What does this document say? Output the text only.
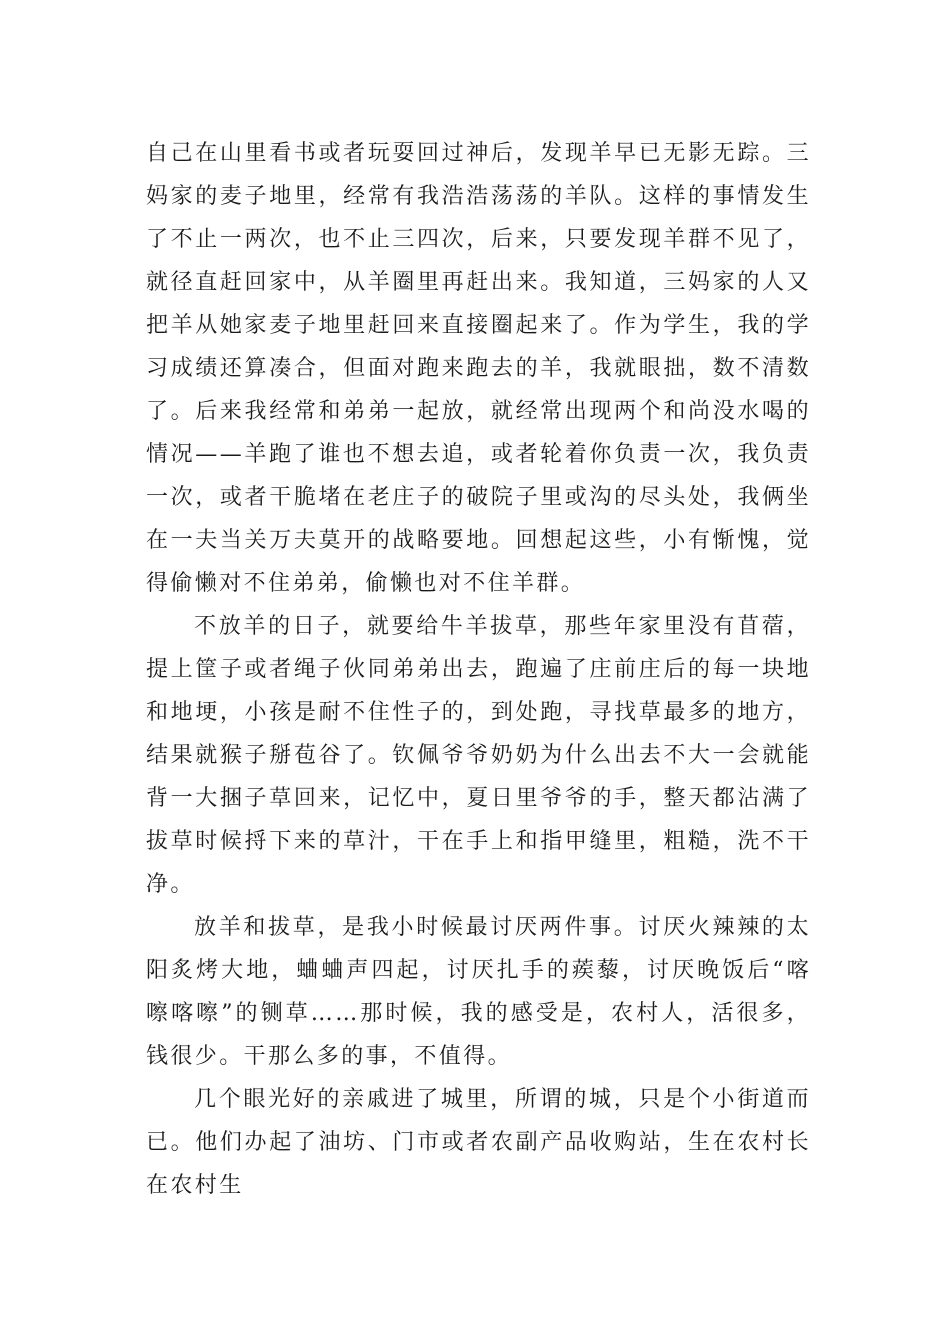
自己在山里看书或者玩耍回过神后，发现羊早已无影无踪。三妈家的麦子地里，经常有我浩浩荡荡的羊队。这样的事情发生了不止一两次，也不止三四次，后来，只要发现羊群不见了，就径直赶回家中，从羊圈里再赶出来。我知道，三妈家的人又把羊从她家麦子地里赶回来直接圈起来了。作为学生，我的学习成绩还算凑合，但面对跑来跑去的羊，我就眼拙，数不清数了。后来我经常和弟弟一起放，就经常出现两个和尚没水喝的情况——羊跑了谁也不想去追，或者轮着你负责一次，我负责一次，或者干脆堵在老庄子的破院子里或沟的尽头处，我俩坐在一夫当关万夫莫开的战略要地。回想起这些，小有惭愧，觉得偷懒对不住弟弟，偷懒也对不住羊群。

不放羊的日子，就要给牛羊拔草，那些年家里没有苜蓿，提上筐子或者绳子伙同弟弟出去，跑遍了庄前庄后的每一块地和地埂，小孩是耐不住性子的，到处跑，寻找草最多的地方，结果就猴子掰苞谷了。钦佩爷爷奶奶为什么出去不大一会就能背一大捆子草回来，记忆中，夏日里爷爷的手，整天都沾满了拔草时候捋下来的草汁，干在手上和指甲缝里，粗糙，洗不干净。

放羊和拔草，是我小时候最讨厌两件事。讨厌火辣辣的太阳炙烤大地，蛐蛐声四起，讨厌扎手的蒺藜，讨厌晚饭后“喀嚓喀嚓”的铡草……那时候，我的感受是，农村人，活很多，钱很少。干那么多的事，不值得。

几个眼光好的亲戚进了城里，所谓的城，只是个小街道而已。他们办起了油坊、门市或者农副产品收购站，生在农村长在农村生
